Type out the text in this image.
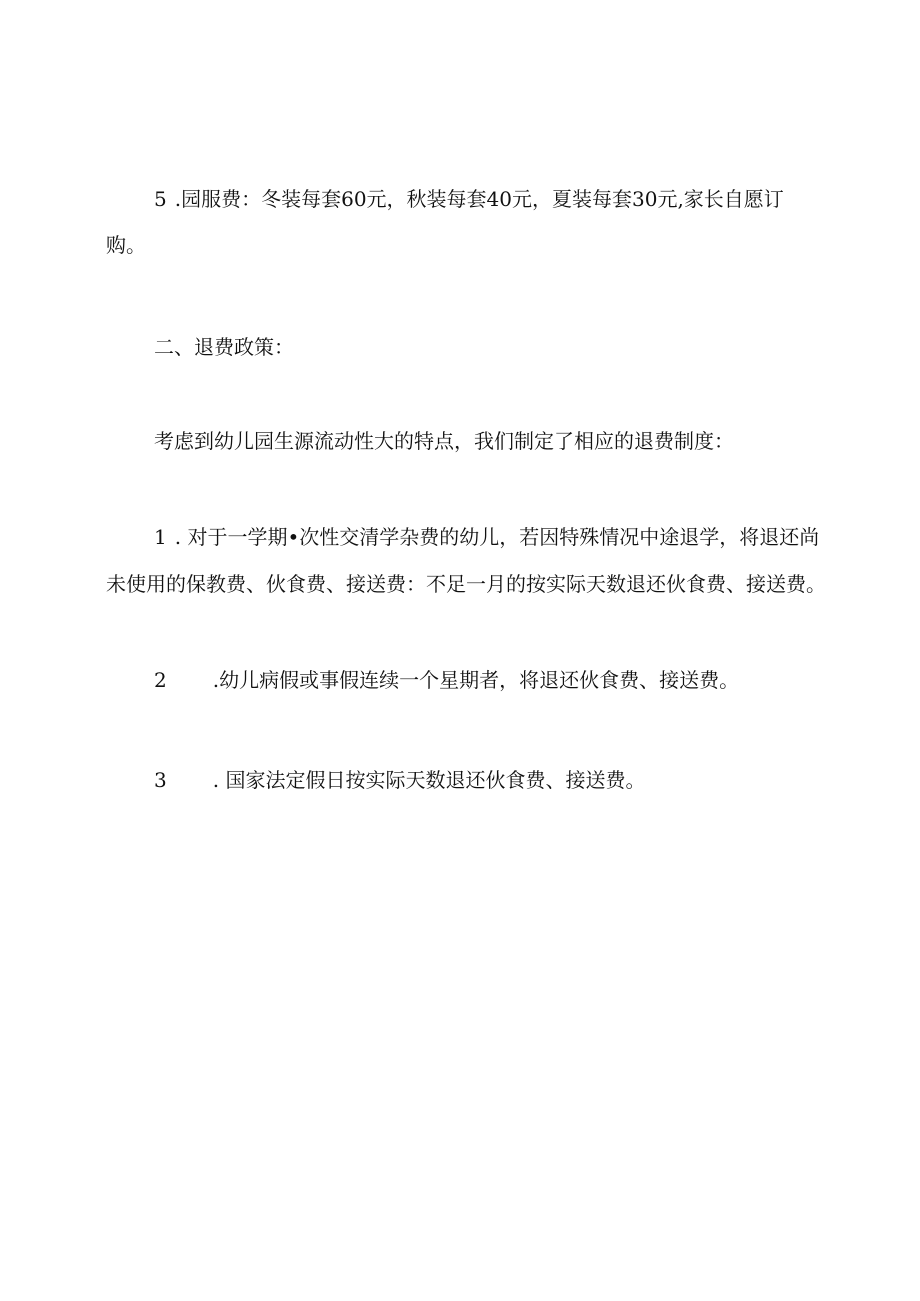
5 .园服费：冬装每套60元，秋装每套40元，夏装每套30元,家长自愿订

购。

二、退费政策：

考虑到幼儿园生源流动性大的特点，我们制定了相应的退费制度：

1 . 对于一学期•次性交清学杂费的幼儿，若因特殊情况中途退学，将退还尚

未使用的保教费、伙食费、接送费：不足一月的按实际天数退还伙食费、接送费。

2 .幼儿病假或事假连续一个星期者，将退还伙食费、接送费。

3 . 国家法定假日按实际天数退还伙食费、接送费。
